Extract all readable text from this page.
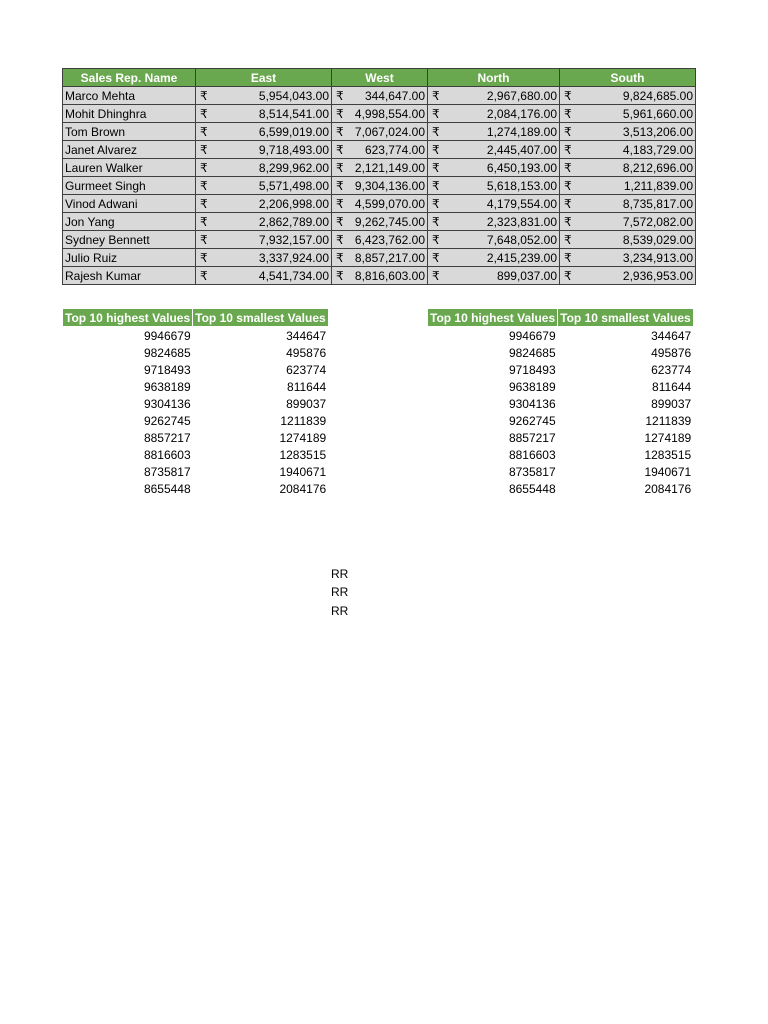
Sales Rep. Name	East	West	North	South
Marco Mehta	₹ 5,954,043.00	₹ 344,647.00	₹ 2,967,680.00	₹ 9,824,685.00

Mohit Dhinghra	₹ 8,514,541.00	₹ 4,998,554.00	₹ 2,084,176.00	₹ 5,961,660.00

Tom Brown	₹ 6,599,019.00	₹ 7,067,024.00	₹ 1,274,189.00	₹ 3,513,206.00

Janet Alvarez	₹ 9,718,493.00	₹ 623,774.00	₹ 2,445,407.00	₹ 4,183,729.00

Lauren Walker	₹ 8,299,962.00	₹ 2,121,149.00	₹ 6,450,193.00	₹ 8,212,696.00

Gurmeet Singh	₹ 5,571,498.00	₹ 9,304,136.00	₹ 5,618,153.00	₹ 1,211,839.00

Vinod Adwani	₹ 2,206,998.00	₹ 4,599,070.00	₹ 4,179,554.00	₹ 8,735,817.00

Jon Yang	₹ 2,862,789.00	₹ 9,262,745.00	₹ 2,323,831.00	₹ 7,572,082.00

Sydney Bennett	₹ 7,932,157.00	₹ 6,423,762.00	₹ 7,648,052.00	₹ 8,539,029.00

Julio Ruiz	₹ 3,337,924.00	₹ 8,857,217.00	₹ 2,415,239.00	₹ 3,234,913.00

Rajesh Kumar	₹ 4,541,734.00	₹ 8,816,603.00	₹ 899,037.00	₹ 2,936,953.00
Top 10 highest Values	Top 10 smallest Values
9946679	344647
9824685	495876
9718493	623774
9638189	811644
9304136	899037
9262745	1211839
8857217	1274189
8816603	1283515
8735817	1940671
8655448	2084176
Top 10 highest Values	Top 10 smallest Values
9946679	344647
9824685	495876
9718493	623774
9638189	811644
9304136	899037
9262745	1211839
8857217	1274189
8816603	1283515
8735817	1940671
8655448	2084176
RR
RR
RR
